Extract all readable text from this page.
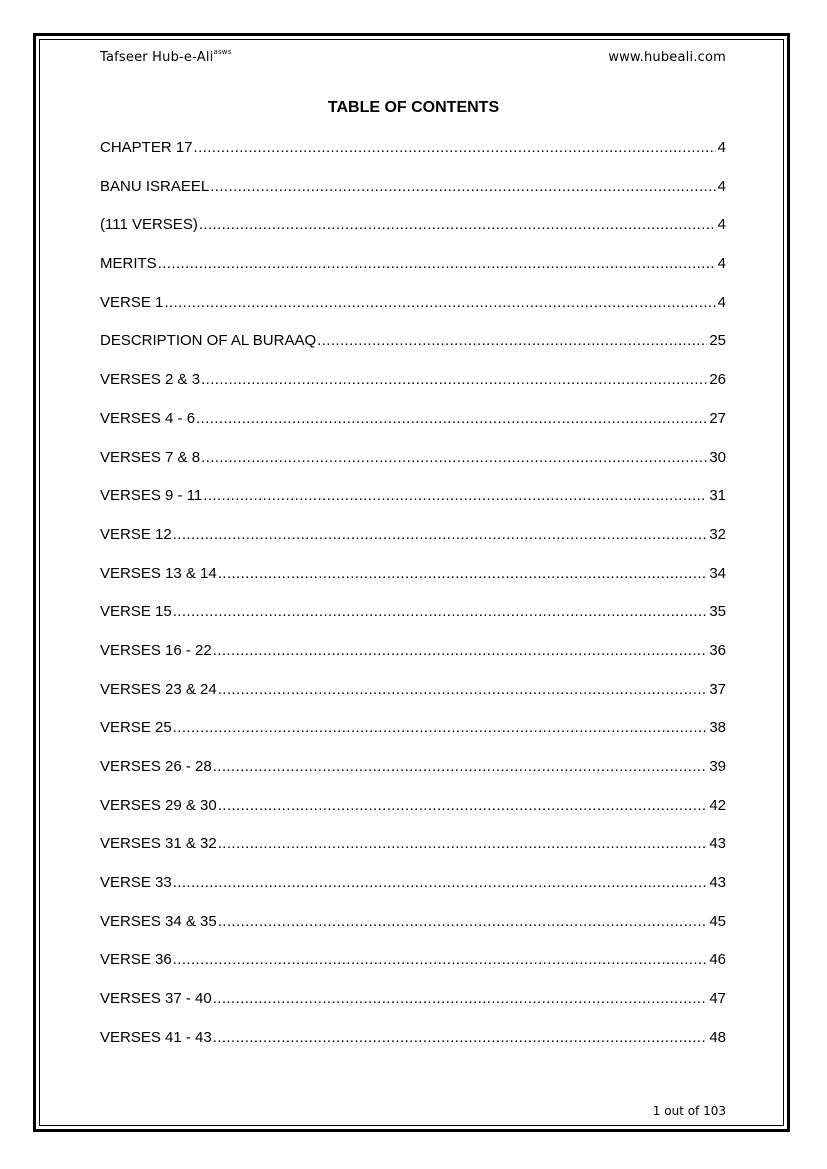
Tafseer Hub-e-Ali$^{asws}$	www.hubeali.com
TABLE OF CONTENTS
CHAPTER 17 .....	4
BANU ISRAEEL .....	4
(111 VERSES) .....	4
MERITS .....	4
VERSE 1 .....	4
DESCRIPTION OF AL BURAAQ .....	25
VERSES 2 & 3 .....	26
VERSES 4 - 6 .....	27
VERSES 7 & 8 .....	30
VERSES 9 - 11 .....	31
VERSE 12 .....	32
VERSES 13 & 14 .....	34
VERSE 15 .....	35
VERSES 16 - 22 .....	36
VERSES 23 & 24 .....	37
VERSE 25 .....	38
VERSES 26 - 28 .....	39
VERSES 29 & 30 .....	42
VERSES 31 & 32 .....	43
VERSE 33 .....	43
VERSES 34 & 35 .....	45
VERSE 36 .....	46
VERSES 37 - 40 .....	47
VERSES 41 - 43 .....	48
1 out of 103
